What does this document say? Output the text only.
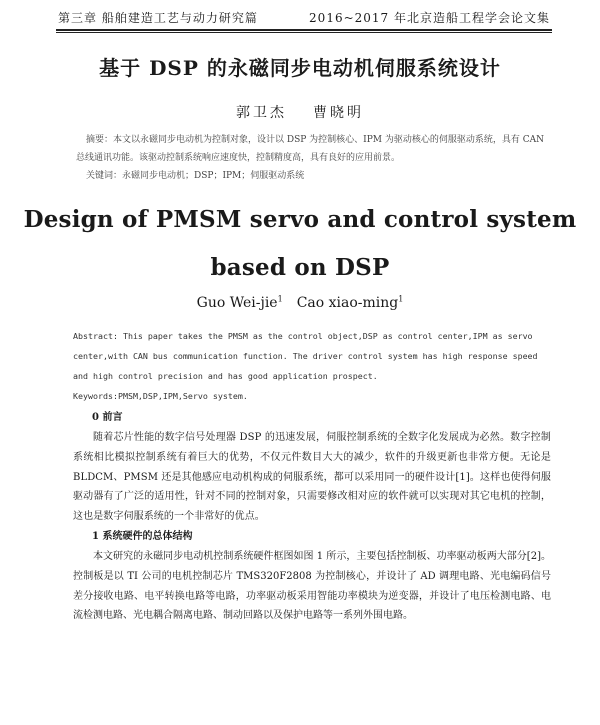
第三章 船舶建造工艺与动力研究篇	2016~2017 年北京造船工程学会论文集
基于 DSP 的永磁同步电动机伺服系统设计
郭卫杰 曹晓明

摘要：本文以永磁同步电动机为控制对象，设计以 DSP 为控制核心、IPM 为驱动核心的伺服驱动系统，具有 CAN 总线通讯功能。该驱动控制系统响应速度快，控制精度高，具有良好的应用前景。

关键词：永磁同步电动机；DSP；IPM；伺服驱动系统

Design of PMSM servo and control system
based on DSP
Guo Wei-jie$^1$ Cao xiao-ming$^1$

Abstract: This paper takes the PMSM as the control object,DSP as control center,IPM as servo center,with CAN bus communication function. The driver control system has high response speed and high control precision and has good application prospect.

Keywords:PMSM,DSP,IPM,Servo system.

0 前言

随着芯片性能的数字信号处理器 DSP 的迅速发展，伺服控制系统的全数字化发展成为必然。数字控制系统相比模拟控制系统有着巨大的优势，不仅元件数目大大的减少，软件的升级更新也非常方便。无论是 BLDCM、PMSM 还是其他感应电动机构成的伺服系统，都可以采用同一的硬件设计[1]。这样也使得伺服驱动器有了广泛的适用性，针对不同的控制对象，只需要修改相对应的软件就可以实现对其它电机的控制，这也是数字伺服系统的一个非常好的优点。

1 系统硬件的总体结构

本文研究的永磁同步电动机控制系统硬件框图如图 1 所示，主要包括控制板、功率驱动板两大部分[2]。控制板是以 TI 公司的电机控制芯片 TMS320F2808 为控制核心，并设计了 AD 调理电路、光电编码信号差分接收电路、电平转换电路等电路，功率驱动板采用智能功率模块为逆变器，并设计了电压检测电路、电流检测电路、光电耦合隔离电路、制动回路以及保护电路等一系列外围电路。
